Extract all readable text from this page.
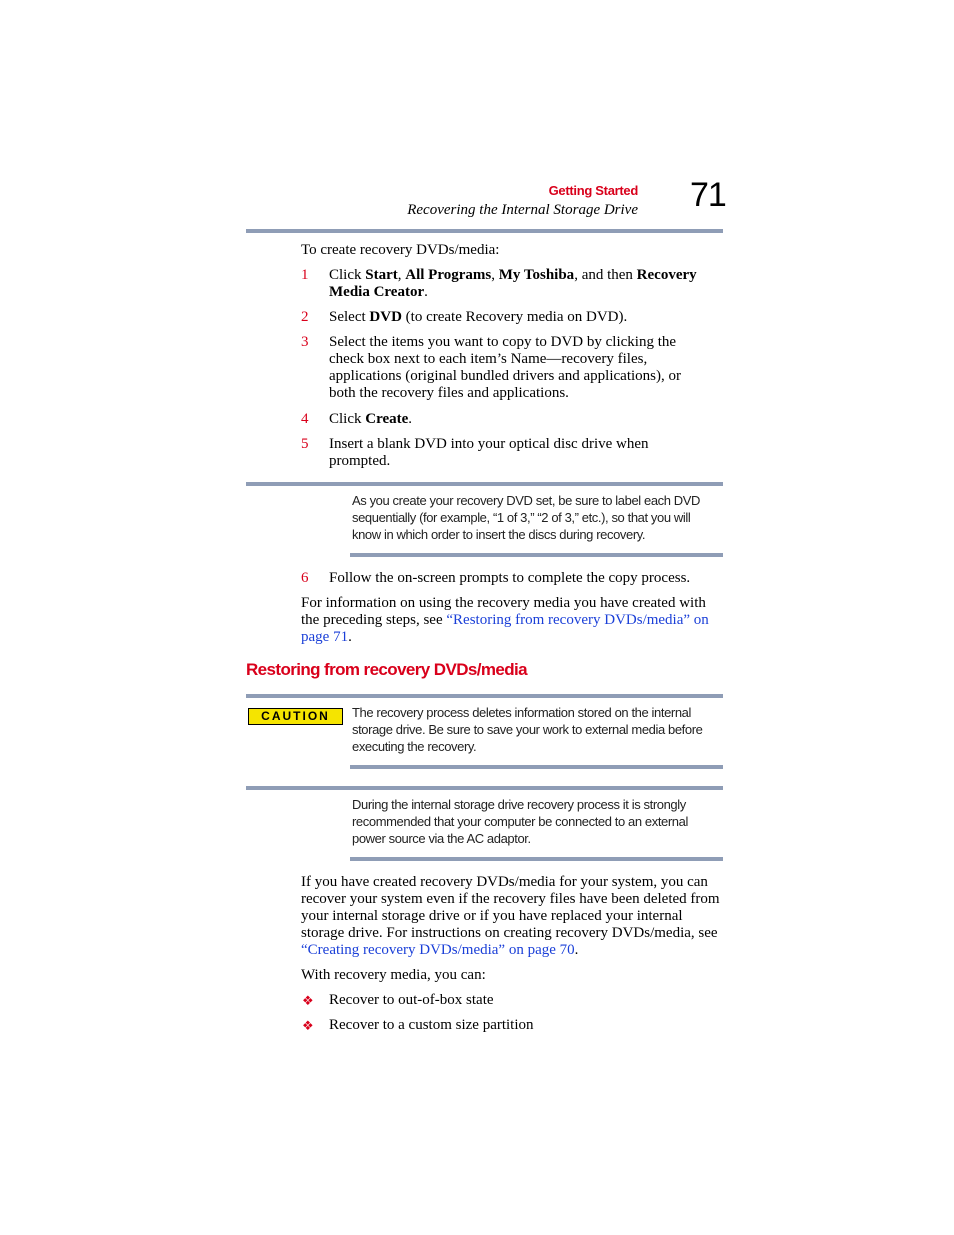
Getting Started
Recovering the Internal Storage Drive 71
To create recovery DVDs/media:
1 Click Start, All Programs, My Toshiba, and then Recovery Media Creator.
2 Select DVD (to create Recovery media on DVD).
3 Select the items you want to copy to DVD by clicking the check box next to each item’s Name—recovery files, applications (original bundled drivers and applications), or both the recovery files and applications.
4 Click Create.
5 Insert a blank DVD into your optical disc drive when prompted.
As you create your recovery DVD set, be sure to label each DVD sequentially (for example, “1 of 3,” “2 of 3,” etc.), so that you will know in which order to insert the discs during recovery.
6 Follow the on-screen prompts to complete the copy process.
For information on using the recovery media you have created with the preceding steps, see “Restoring from recovery DVDs/media” on page 71.
Restoring from recovery DVDs/media
CAUTION	The recovery process deletes information stored on the internal storage drive. Be sure to save your work to external media before executing the recovery.
During the internal storage drive recovery process it is strongly recommended that your computer be connected to an external power source via the AC adaptor.
If you have created recovery DVDs/media for your system, you can recover your system even if the recovery files have been deleted from your internal storage drive or if you have replaced your internal storage drive. For instructions on creating recovery DVDs/media, see “Creating recovery DVDs/media” on page 70.
With recovery media, you can:
❖ Recover to out-of-box state
❖ Recover to a custom size partition
